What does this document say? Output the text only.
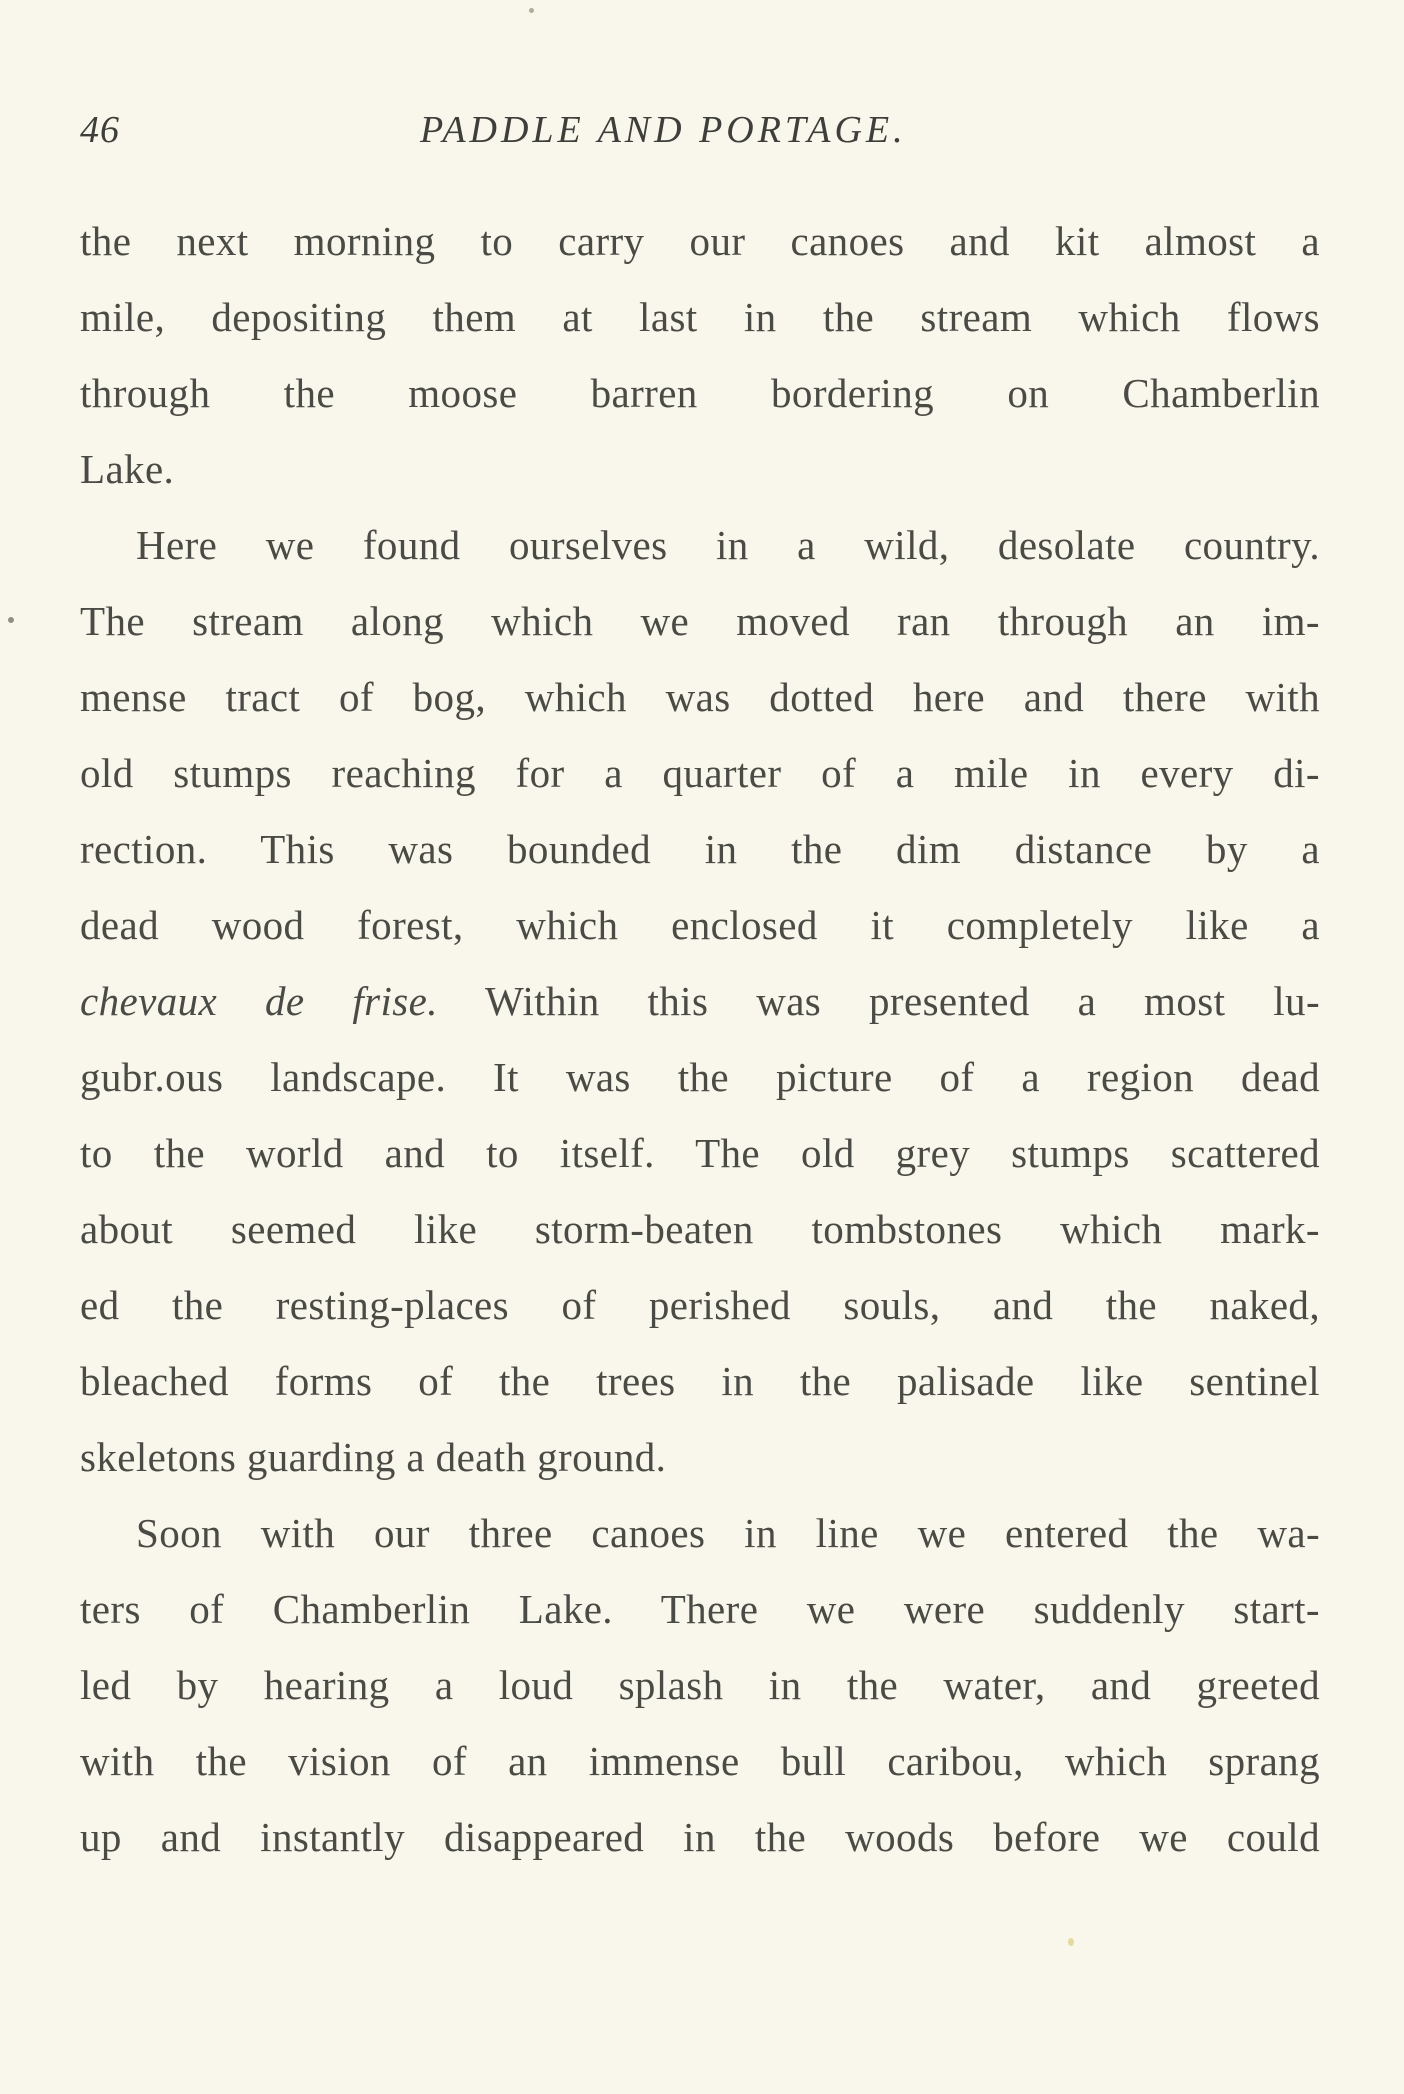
46	PADDLE AND PORTAGE.
the next morning to carry our canoes and kit almost a
mile, depositing them at last in the stream which flows
through the moose barren bordering on Chamberlin
Lake.
Here we found ourselves in a wild, desolate country.
The stream along which we moved ran through an im-
mense tract of bog, which was dotted here and there with
old stumps reaching for a quarter of a mile in every di-
rection. This was bounded in the dim distance by a
dead wood forest, which enclosed it completely like a
chevaux de frise. Within this was presented a most lu-
gubr.ous landscape. It was the picture of a region dead
to the world and to itself. The old grey stumps scattered
about seemed like storm-beaten tombstones which mark-
ed the resting-places of perished souls, and the naked,
bleached forms of the trees in the palisade like sentinel
skeletons guarding a death ground.
Soon with our three canoes in line we entered the wa-
ters of Chamberlin Lake. There we were suddenly start-
led by hearing a loud splash in the water, and greeted
with the vision of an immense bull caribou, which sprang
up and instantly disappeared in the woods before we could
